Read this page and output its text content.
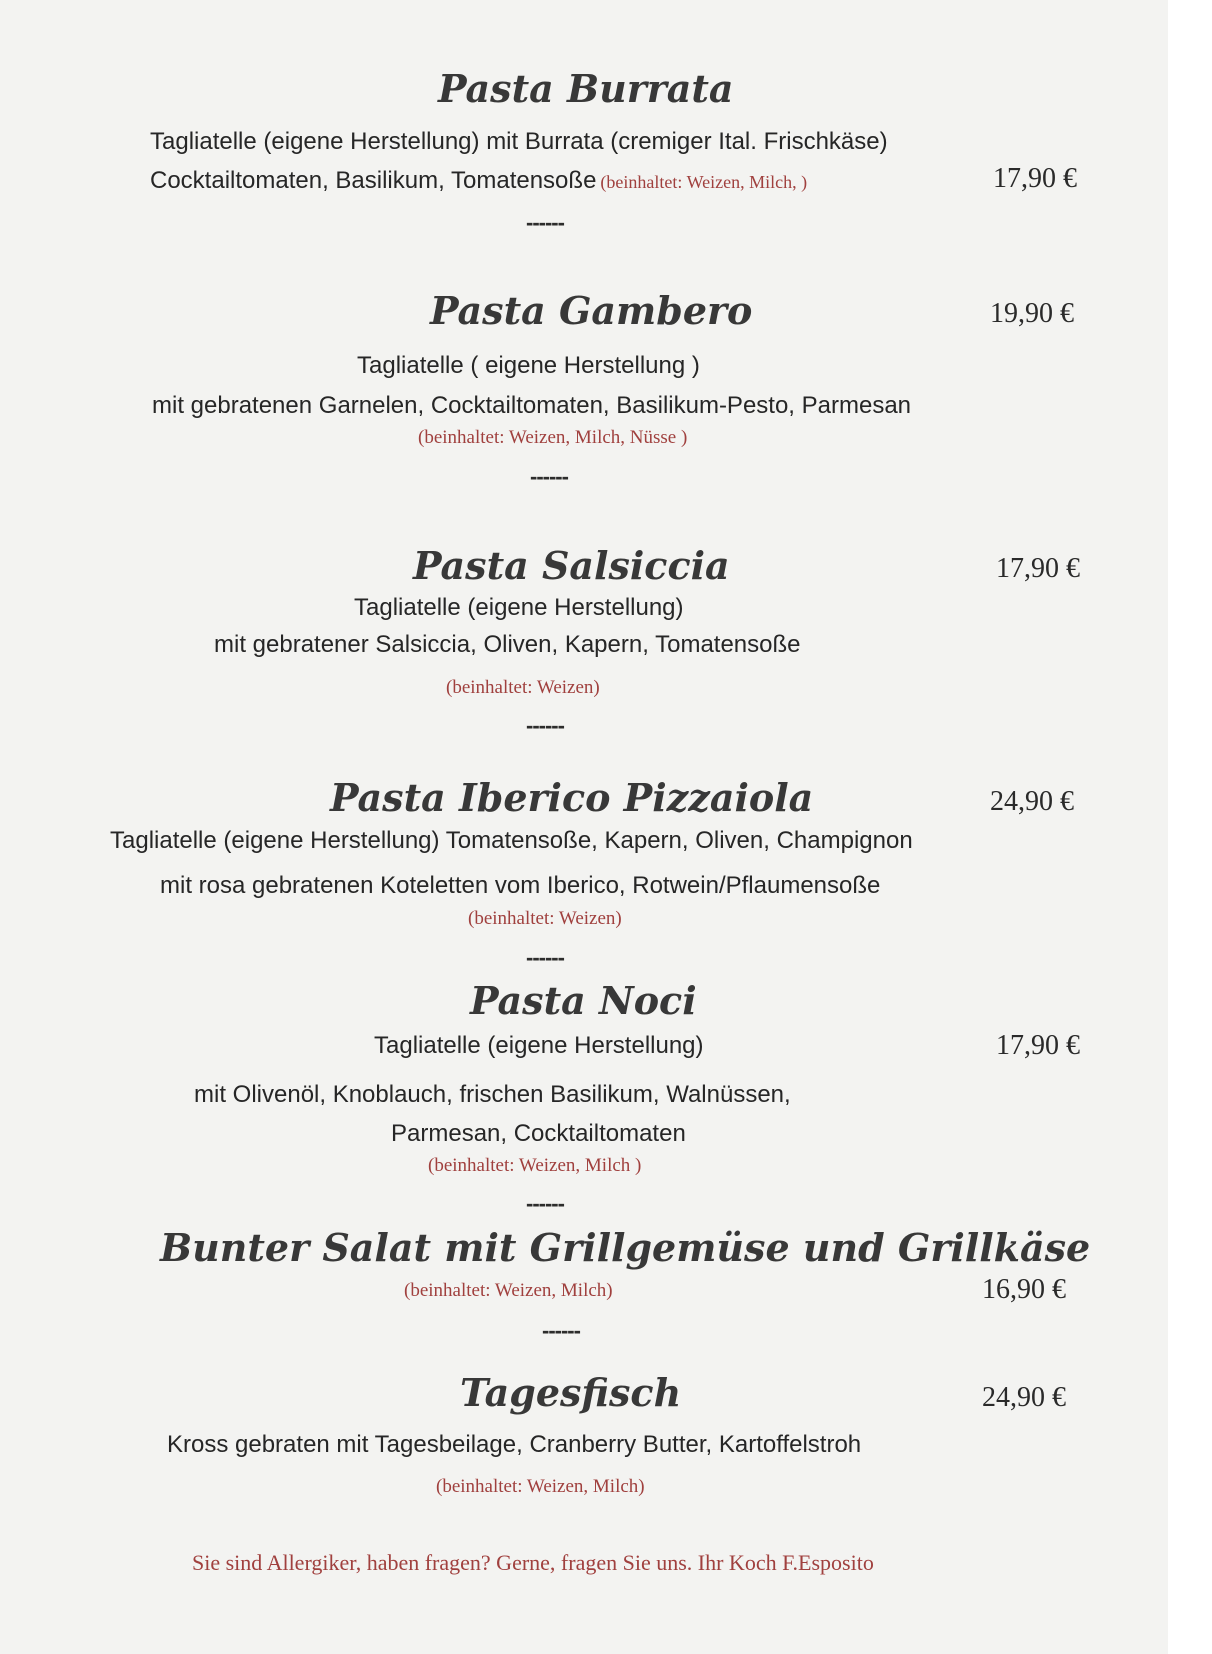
Pasta Burrata
Tagliatelle (eigene Herstellung) mit Burrata (cremiger Ital. Frischkäse)
Cocktailtomaten, Basilikum, Tomatensoße (beinhaltet: Weizen, Milch, )	17,90 €
------
Pasta Gambero	19,90 €
Tagliatelle ( eigene Herstellung )
mit gebratenen Garnelen, Cocktailtomaten, Basilikum-Pesto, Parmesan
(beinhaltet: Weizen, Milch, Nüsse )
------
Pasta Salsiccia	17,90 €
Tagliatelle (eigene Herstellung)
mit gebratener Salsiccia, Oliven, Kapern, Tomatensoße
(beinhaltet: Weizen)
------
Pasta Iberico Pizzaiola	24,90 €
Tagliatelle (eigene Herstellung) Tomatensoße, Kapern, Oliven, Champignon
mit rosa gebratenen Koteletten vom Iberico, Rotwein/Pflaumensoße
(beinhaltet: Weizen)
------
Pasta Noci
Tagliatelle (eigene Herstellung)	17,90 €
mit Olivenöl, Knoblauch, frischen Basilikum, Walnüssen,
Parmesan, Cocktailtomaten
(beinhaltet: Weizen, Milch )
------
Bunter Salat mit Grillgemüse und Grillkäse
(beinhaltet: Weizen, Milch)	16,90 €
------
Tagesfisch	24,90 €
Kross gebraten mit Tagesbeilage, Cranberry Butter, Kartoffelstroh
(beinhaltet: Weizen, Milch)
Sie sind Allergiker, haben fragen? Gerne, fragen Sie uns. Ihr Koch F.Esposito
